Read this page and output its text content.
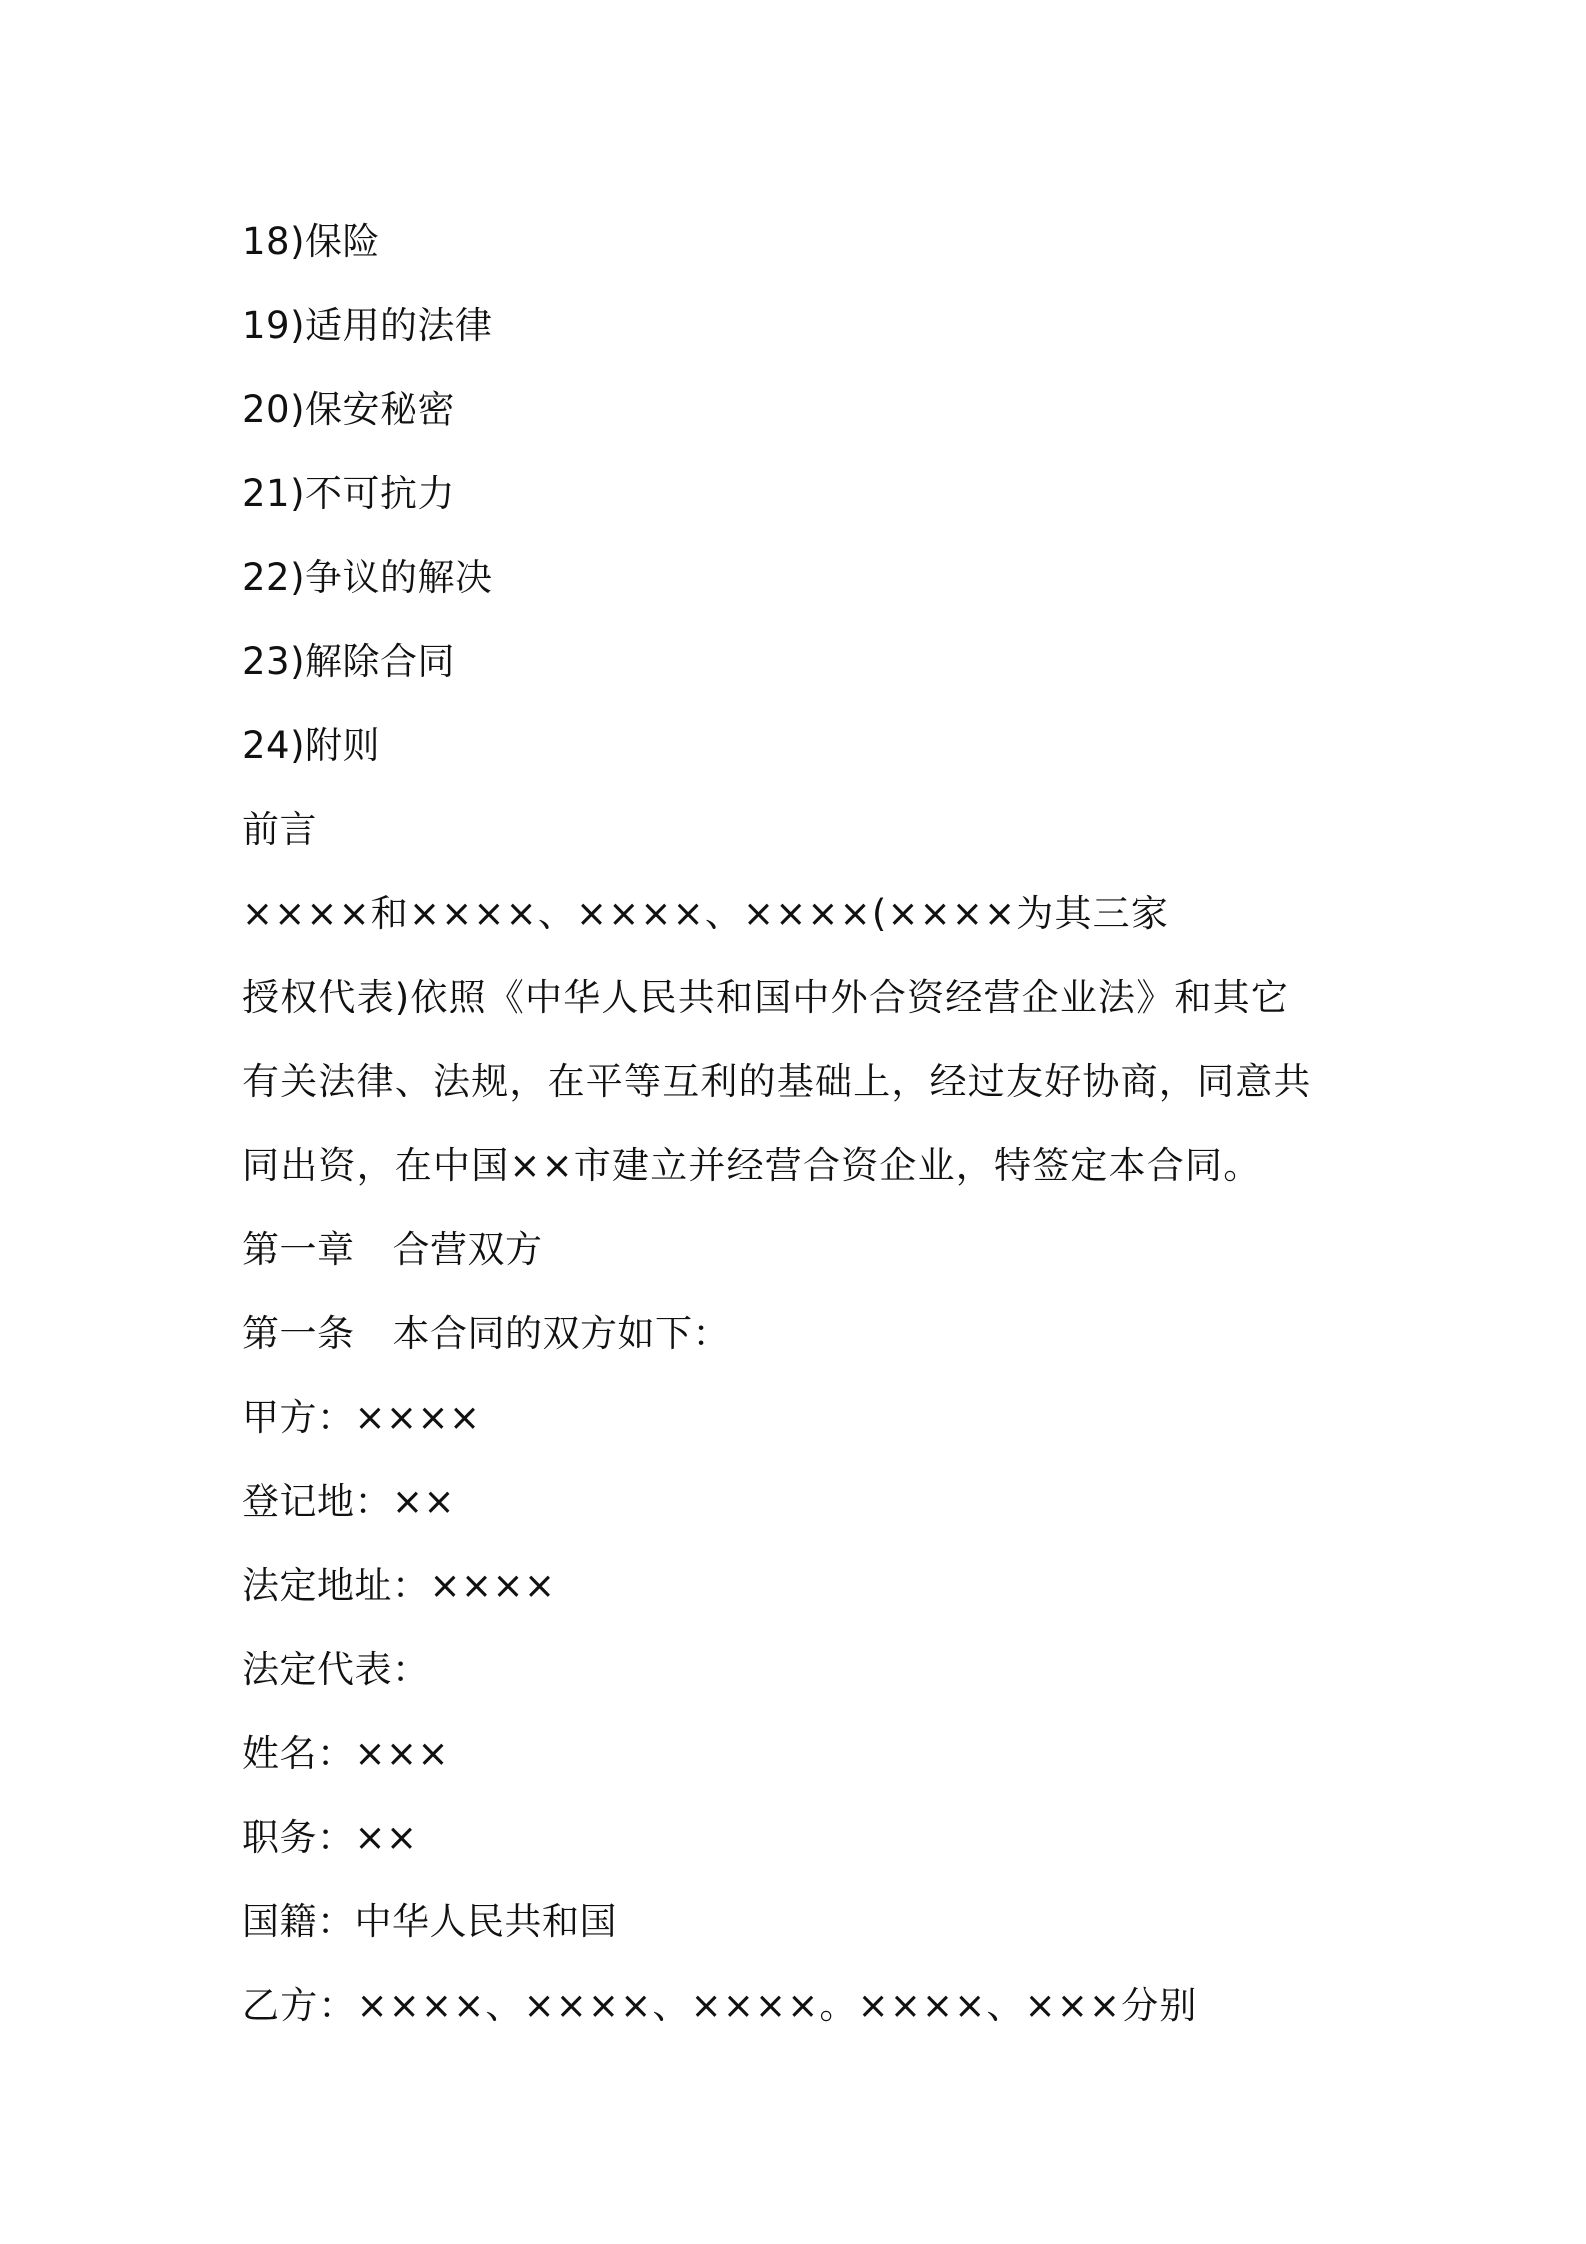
18)保险
19)适用的法律
20)保安秘密
21)不可抗力
22)争议的解决
23)解除合同
24)附则
前言
××××和××××、××××、××××(××××为其三家
授权代表)依照《中华人民共和国中外合资经营企业法》和其它
有关法律、法规，在平等互利的基础上，经过友好协商，同意共
同出资，在中国××市建立并经营合资企业，特签定本合同。
第一章 合营双方
第一条 本合同的双方如下：
甲方：××××
登记地：××
法定地址：××××
法定代表：
姓名：×××
职务：××
国籍：中华人民共和国
乙方：××××、××××、××××。××××、×××分别
